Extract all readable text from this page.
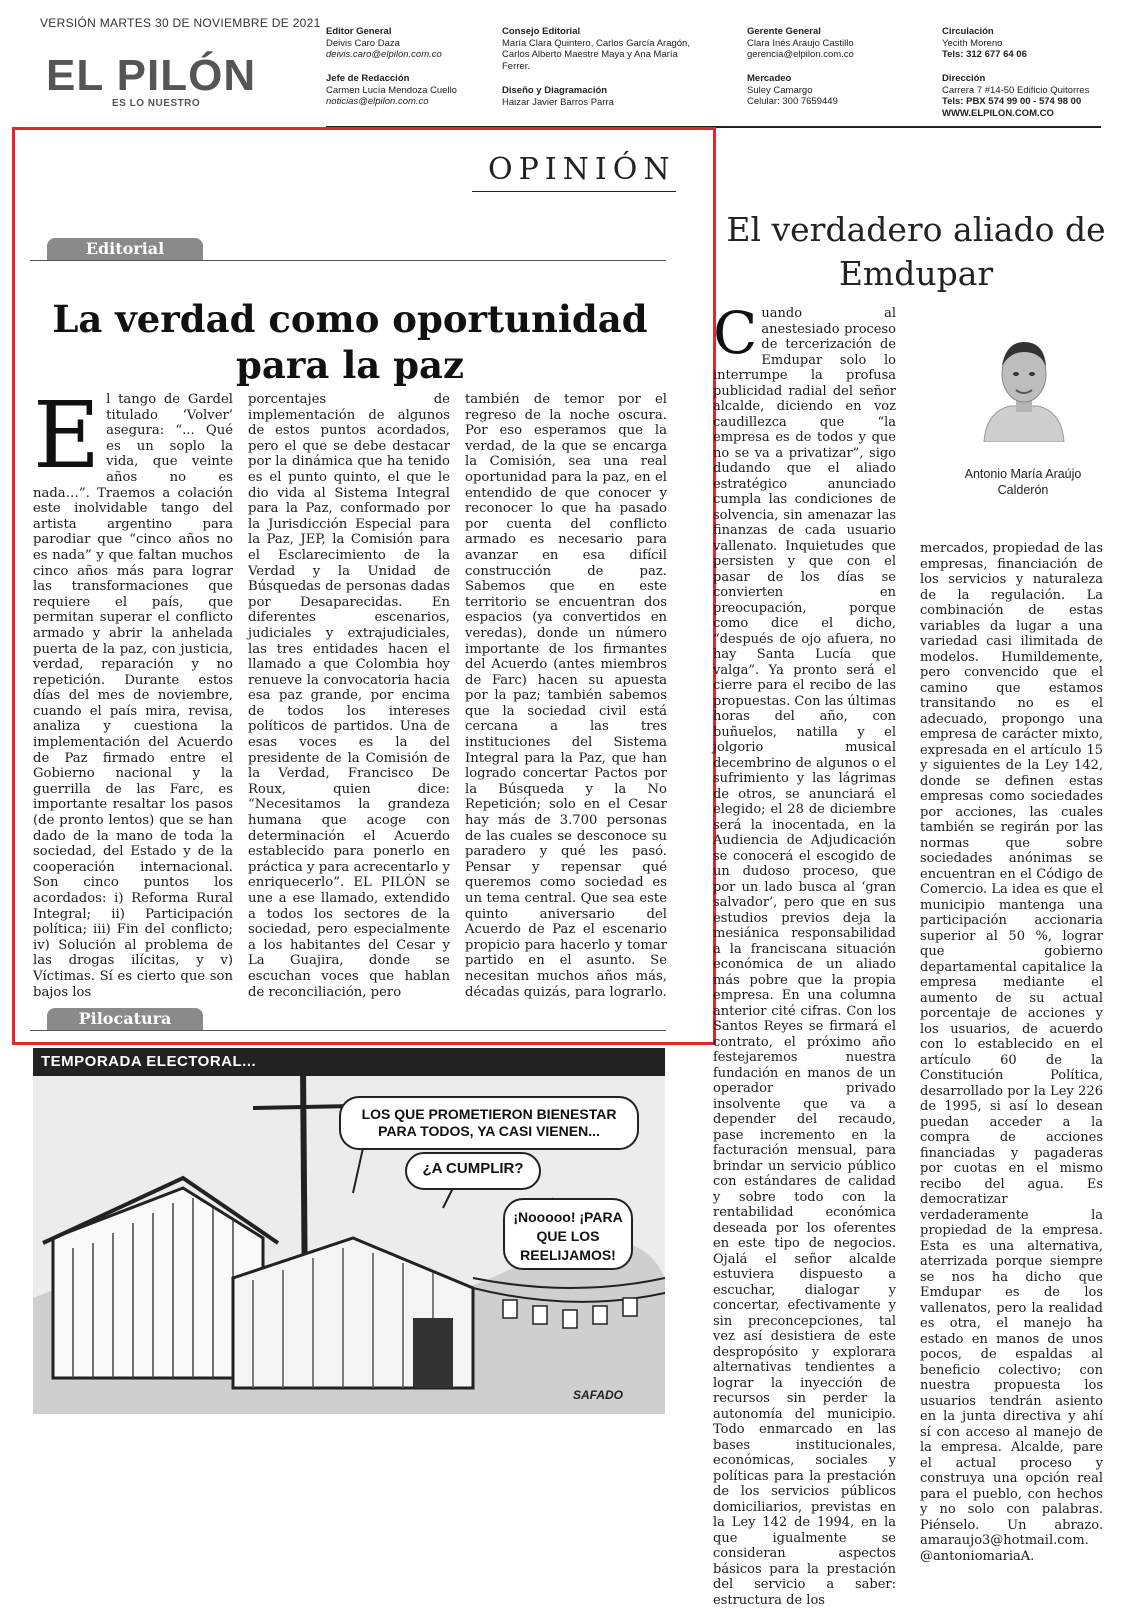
VERSIÓN MARTES 30 DE NOVIEMBRE DE 2021
EL PILÓN
ES LO NUESTRO
Editor General
Deivis Caro Daza
deivis.caro@elpilon.com.co
Jefe de Redacción
Carmen Lucía Mendoza Cuello
noticias@elpilon.com.co
Consejo Editorial
María Clara Quintero, Carlos García Aragón,
Carlos Alberto Maestre Maya y Ana María
Ferrer.
Diseño y Diagramación
Haizar Javier Barros Parra
Gerente General
Clara Inés Araujo Castillo
gerencia@elpilon.com.co
Mercadeo
Suley Camargo
Celular: 300 7659449
Circulación
Yecith Moreno
Tels: 312 677 64 06
Dirección
Carrera 7 #14-50 Edificio Quitorres
Tels: PBX 574 99 00 - 574 98 00
WWW.ELPILON.COM.CO
OPINIÓN
Editorial
La verdad como oportunidad para la paz
E l tango de Gardel titulado ‘Volver’ asegura: “... Qué es un soplo la vida, que veinte años no es nada…”. Traemos a colación este inolvidable tango del artista argentino para parodiar que “cinco años no es nada” y que faltan muchos cinco años más para lograr las transformaciones que requiere el país, que permitan superar el conflicto armado y abrir la anhelada puerta de la paz, con justicia, verdad, reparación y no repetición. Durante estos días del mes de noviembre, cuando el país mira, revisa, analiza y cuestiona la implementación del Acuerdo de Paz firmado entre el Gobierno nacional y la guerrilla de las Farc, es importante resaltar los pasos (de pronto lentos) que se han dado de la mano de toda la sociedad, del Estado y de la cooperación internacional. Son cinco puntos los acordados: i) Reforma Rural Integral; ii) Participación política; iii) Fin del conflicto; iv) Solución al problema de las drogas ilícitas, y v) Víctimas. Sí es cierto que son bajos los

porcentajes de implementación de algunos de estos puntos acordados, pero el que se debe destacar por la dinámica que ha tenido es el punto quinto, el que le dio vida al Sistema Integral para la Paz, conformado por la Jurisdicción Especial para la Paz, JEP, la Comisión para el Esclarecimiento de la Verdad y la Unidad de Búsquedas de personas dadas por Desaparecidas. En diferentes escenarios, judiciales y extrajudiciales, las tres entidades hacen el llamado a que Colombia hoy renueve la convocatoria hacia esa paz grande, por encima de todos los intereses políticos de partidos. Una de esas voces es la del presidente de la Comisión de la Verdad, Francisco De Roux, quien dice: “Necesitamos la grandeza humana que acoge con determinación el Acuerdo establecido para ponerlo en práctica y para acrecentarlo y enriquecerlo”. EL PILÓN se une a ese llamado, extendido a todos los sectores de la sociedad, pero especialmente a los habitantes del Cesar y La Guajira, donde se escuchan voces que hablan de reconciliación, pero

también de temor por el regreso de la noche oscura. Por eso esperamos que la verdad, de la que se encarga la Comisión, sea una real oportunidad para la paz, en el entendido de que conocer y reconocer lo que ha pasado por cuenta del conflicto armado es necesario para avanzar en esa difícil construcción de paz. Sabemos que en este territorio se encuentran dos espacios (ya convertidos en veredas), donde un número importante de los firmantes del Acuerdo (antes miembros de Farc) hacen su apuesta por la paz; también sabemos que la sociedad civil está cercana a las tres instituciones del Sistema Integral para la Paz, que han logrado concertar Pactos por la Búsqueda y la No Repetición; solo en el Cesar hay más de 3.700 personas de las cuales se desconoce su paradero y qué les pasó. Pensar y repensar qué queremos como sociedad es un tema central. Que sea este quinto aniversario del Acuerdo de Paz el escenario propicio para hacerlo y tomar partido en el asunto. Se necesitan muchos años más, décadas quizás, para lograrlo.

Pilocatura
TEMPORADA ELECTORAL...
LOS QUE PROMETIERON BIENESTAR PARA TODOS, YA CASI VIENEN...
¿A CUMPLIR?
¡Nooooo! ¡PARA QUE LOS REELIJAMOS!
SAFADO
El verdadero aliado de Emdupar
Antonio María Araújo Calderón
C uando al anestesiado proceso de tercerización de Emdupar solo lo interrumpe la profusa publicidad radial del señor alcalde, diciendo en voz caudillezca que “la empresa es de todos y que no se va a privatizar”, sigo dudando que el aliado estratégico anunciado cumpla las condiciones de solvencia, sin amenazar las finanzas de cada usuario vallenato. Inquietudes que persisten y que con el pasar de los días se convierten en preocupación, porque como dice el dicho, “después de ojo afuera, no hay Santa Lucía que valga”. Ya pronto será el cierre para el recibo de las propuestas. Con las últimas horas del año, con buñuelos, natilla y el jolgorio musical decembrino de algunos o el sufrimiento y las lágrimas de otros, se anunciará el elegido; el 28 de diciembre será la inocentada, en la Audiencia de Adjudicación se conocerá el escogido de un dudoso proceso, que por un lado busca al ‘gran salvador’, pero que en sus estudios previos deja la mesiánica responsabilidad a la franciscana situación económica de un aliado más pobre que la propia empresa. En una columna anterior cité cifras. Con los Santos Reyes se firmará el contrato, el próximo año festejaremos nuestra fundación en manos de un operador privado insolvente que va a depender del recaudo, pase incremento en la facturación mensual, para brindar un servicio público con estándares de calidad y sobre todo con la rentabilidad económica deseada por los oferentes en este tipo de negocios. Ojalá el señor alcalde estuviera dispuesto a escuchar, dialogar y concertar, efectivamente y sin preconcepciones, tal vez así desistiera de este despropósito y explorara alternativas tendientes a lograr la inyección de recursos sin perder la autonomía del municipio. Todo enmarcado en las bases institucionales, económicas, sociales y políticas para la prestación de los servicios públicos domiciliarios, previstas en la Ley 142 de 1994, en la que igualmente se consideran aspectos básicos para la prestación del servicio a saber: estructura de los

mercados, propiedad de las empresas, financiación de los servicios y naturaleza de la regulación. La combinación de estas variables da lugar a una variedad casi ilimitada de modelos. Humildemente, pero convencido que el camino que estamos transitando no es el adecuado, propongo una empresa de carácter mixto, expresada en el artículo 15 y siguientes de la Ley 142, donde se definen estas empresas como sociedades por acciones, las cuales también se regirán por las normas que sobre sociedades anónimas se encuentran en el Código de Comercio. La idea es que el municipio mantenga una participación accionaria superior al 50 %, lograr que gobierno departamental capitalice la empresa mediante el aumento de su actual porcentaje de acciones y los usuarios, de acuerdo con lo establecido en el artículo 60 de la Constitución Política, desarrollado por la Ley 226 de 1995, si así lo desean puedan acceder a la compra de acciones financiadas y pagaderas por cuotas en el mismo recibo del agua. Es democratizar verdaderamente la propiedad de la empresa. Esta es una alternativa, aterrizada porque siempre se nos ha dicho que Emdupar es de los vallenatos, pero la realidad es otra, el manejo ha estado en manos de unos pocos, de espaldas al beneficio colectivo; con nuestra propuesta los usuarios tendrán asiento en la junta directiva y ahí sí con acceso al manejo de la empresa. Alcalde, pare el actual proceso y construya una opción real para el pueblo, con hechos y no solo con palabras. Piénselo. Un abrazo. amaraujo3@hotmail.com. @antoniomariaA.
